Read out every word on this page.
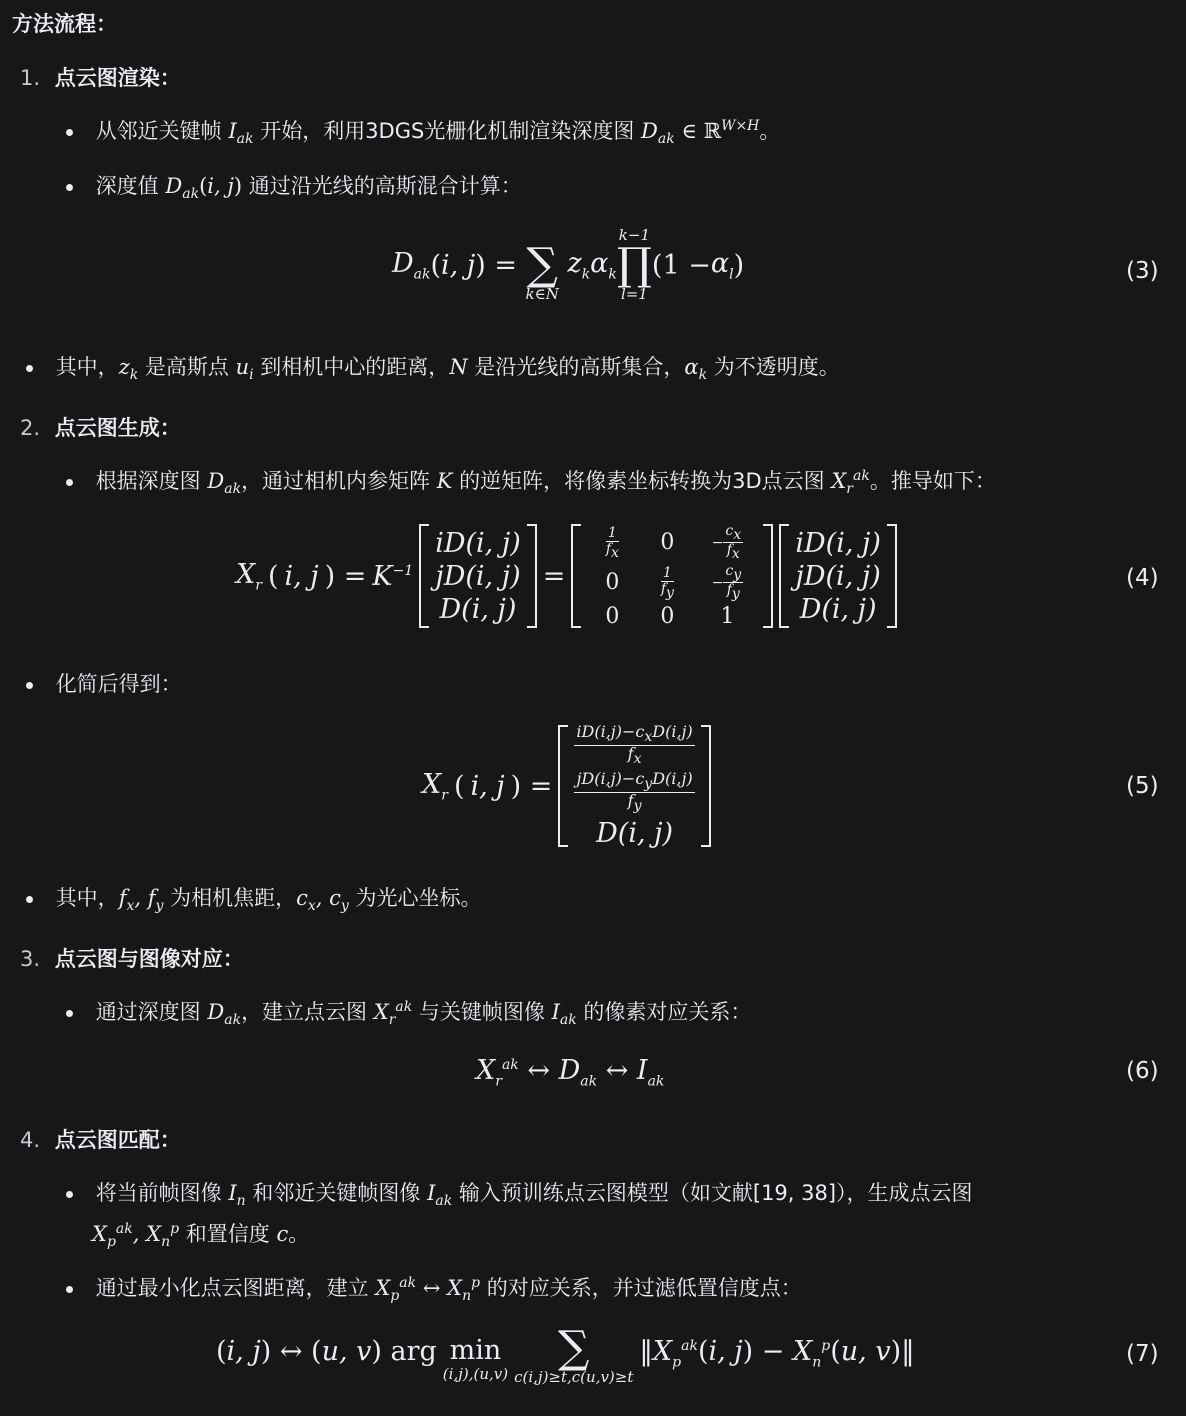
方法流程：
1. 点云图渲染：
从邻近关键帧 $I_{ak}$ 开始，利用3DGS光栅化机制渲染深度图 $D_{ak}$ ∈ ℝ$^{W\times H}$。
深度值 $D_{ak}(i$, j) 通过沿光线的高斯混合计算：
$D_{ak}$ ( i, j ) =
∑
k∈N
$z_k\alpha_k$
k−1
∏
l=1
($1 - \alpha_l$ )	(3)
其中，$z_k$ 是高斯点 $u_i$ 到相机中心的距离，N 是沿光线的高斯集合，$\alpha_k$ 为不透明度。
2. 点云图生成：
根据深度图 $D_{ak}$，通过相机内参矩阵 K 的逆矩阵，将像素坐标转换为3D点云图 $X_r^{ak}$。推导如下：
$X_r$ ( i, j ) = $K^{-1}$
iD(i, j)
jD(i, j)
D(i, j)
=
$\frac{1}{f_x} 0$	− $\frac{c_x}{f_x}$
0	$\frac{1}{f_y}$	− $\frac{c_y}{f_y}$
0 0 1
iD(i, j)
jD(i, j)
D(i, j)
(4)
化简后得到：
$X_r$ ( i, j ) =
$\frac{iD(i,j)-c_xD(i,j)}{f_x}$
$\frac{jD(i,j)-c_yD(i,j)}{f_y}$
D(i, j)
(5)
其中，$f_x$, $f_y$ 为相机焦距，$c_x$, $c_y$ 为光心坐标。
3. 点云图与图像对应：
通过深度图 $D_{ak}$，建立点云图 $X_r^{ak}$ 与关键帧图像 $I_{ak}$ 的像素对应关系：
$X_r^{ak}$ ↔ $D_{ak}$ ↔ $I_{ak}$	(6)
4. 点云图匹配：
将当前帧图像 $I_n$ 和邻近关键帧图像 $I_{ak}$ 输入预训练点云图模型（如文献[19, 38]），生成点云图
$X_p^{ak}$, $X_n^p$ 和置信度 c。
通过最小化点云图距离，建立 $X_p^{ak}$ ↔ $X_n^p$ 的对应关系，并过滤低置信度点：
(i, j) ↔ (u, v) arg min
(i,j),(u,v)
∑
c(i,j)≥t,c(u,v)≥t
$‖X_p^{ak}(i$, $j) - X_n^p(u$, v)‖	(7)
